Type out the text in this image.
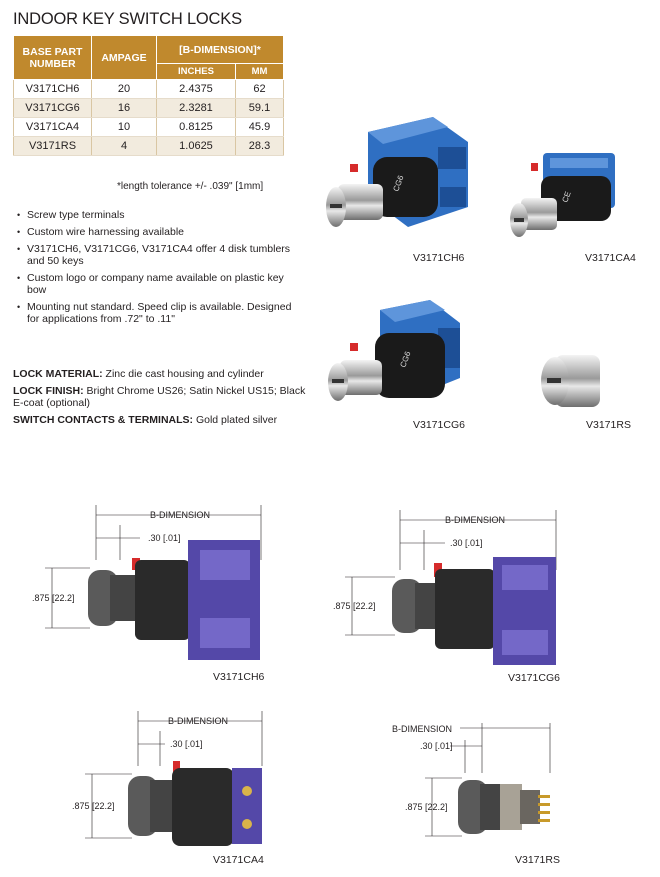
INDOOR KEY SWITCH LOCKS
BASE PART NUMBER	AMPAGE	[B-DIMENSION]*	
		INCHES	MM
V3171CH6	20	2.4375	62
V3171CG6	16	2.3281	59.1
V3171CA4	10	0.8125	45.9
V3171RS	4	1.0625	28.3
*length tolerance +/- .039" [1mm]
• Screw type terminals
• Custom wire harnessing available
• V3171CH6, V3171CG6, V3171CA4 offer 4 disk tumblers and 50 keys
• Custom logo or company name available on plastic key bow
• Mounting nut standard. Speed clip is available. Designed for applications from .72" to .11"

LOCK MATERIAL: Zinc die cast housing and cylinder

LOCK FINISH: Bright Chrome US26; Satin Nickel US15; Black E-coat (optional)

SWITCH CONTACTS & TERMINALS: Gold plated silver

CG6
V3171CH6
CE
V3171CA4
CG6
V3171CG6	V3171RS
B-DIMENSION
.30 [.01]
.875 [22.2]
V3171CH6
B-DIMENSION
.30 [.01]
.875 [22.2]
V3171CG6
B-DIMENSION
.30 [.01]
.875 [22.2]
V3171CA4
B-DIMENSION
.30 [.01]
.875 [22.2]
V3171RS
